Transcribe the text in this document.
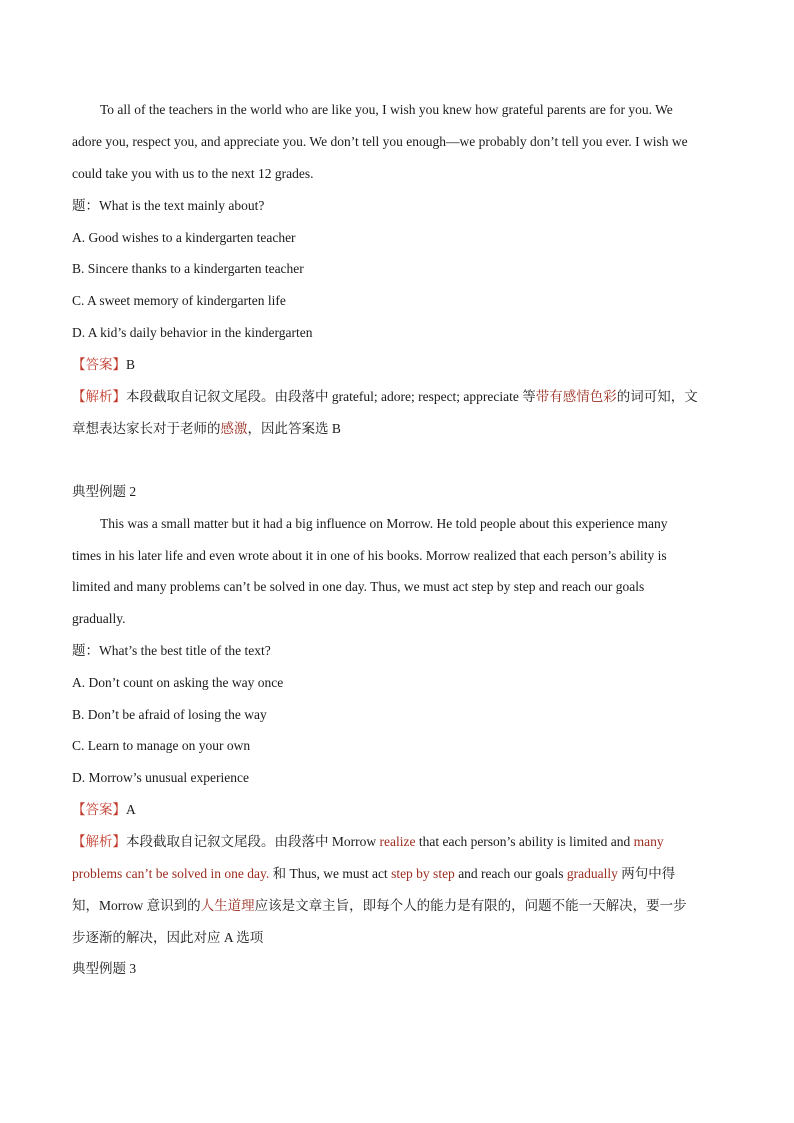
To all of the teachers in the world who are like you, I wish you knew how grateful parents are for you. We
adore you, respect you, and appreciate you. We don’t tell you enough—we probably don’t tell you ever. I wish we
could take you with us to the next 12 grades.
题：What is the text mainly about?
A. Good wishes to a kindergarten teacher
B. Sincere thanks to a kindergarten teacher
C. A sweet memory of kindergarten life
D. A kid’s daily behavior in the kindergarten
【答案】B
【解析】本段截取自记叙文尾段。由段落中 grateful; adore; respect; appreciate 等带有感情色彩的词可知，文
章想表达家长对于老师的感激，因此答案选 B
典型例题 2
This was a small matter but it had a big influence on Morrow. He told people about this experience many
times in his later life and even wrote about it in one of his books. Morrow realized that each person’s ability is
limited and many problems can’t be solved in one day. Thus, we must act step by step and reach our goals
gradually.
题：What’s the best title of the text?
A. Don’t count on asking the way once
B. Don’t be afraid of losing the way
C. Learn to manage on your own
D. Morrow’s unusual experience
【答案】A
【解析】本段截取自记叙文尾段。由段落中 Morrow realize that each person’s ability is limited and many
problems can’t be solved in one day. 和 Thus, we must act step by step and reach our goals gradually 两句中得
知，Morrow 意识到的人生道理应该是文章主旨，即每个人的能力是有限的，问题不能一天解决，要一步
步逐渐的解决，因此对应 A 选项
典型例题 3
